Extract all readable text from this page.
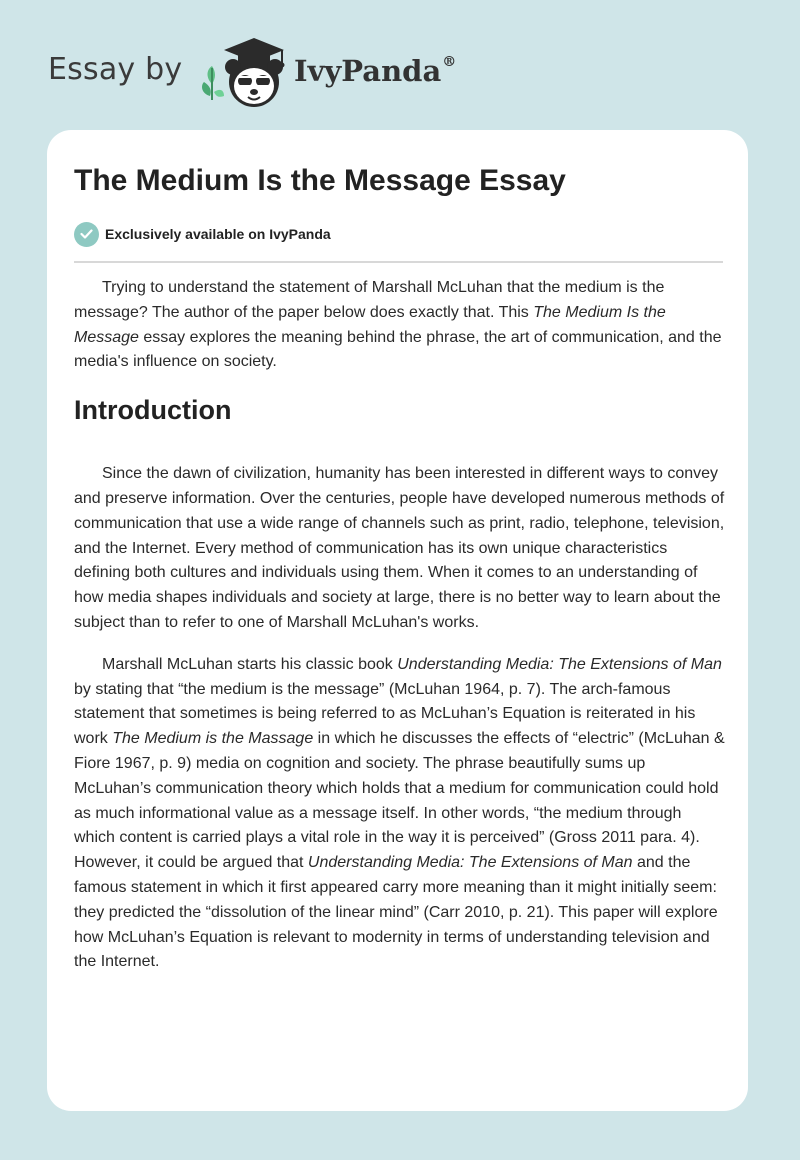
Essay by	IvyPanda®
The Medium Is the Message Essay
Exclusively available on IvyPanda

Trying to understand the statement of Marshall McLuhan that the medium is the message? The author of the paper below does exactly that. This The Medium Is the Message essay explores the meaning behind the phrase, the art of communication, and the media's influence on society.

Introduction

Since the dawn of civilization, humanity has been interested in different ways to convey and preserve information. Over the centuries, people have developed numerous methods of communication that use a wide range of channels such as print, radio, telephone, television, and the Internet. Every method of communication has its own unique characteristics defining both cultures and individuals using them. When it comes to an understanding of how media shapes individuals and society at large, there is no better way to learn about the subject than to refer to one of Marshall McLuhan's works.

Marshall McLuhan starts his classic book Understanding Media: The Extensions of Man by stating that “the medium is the message” (McLuhan 1964, p. 7). The arch-famous statement that sometimes is being referred to as McLuhan’s Equation is reiterated in his work The Medium is the Massage in which he discusses the effects of “electric” (McLuhan & Fiore 1967, p. 9) media on cognition and society. The phrase beautifully sums up McLuhan’s communication theory which holds that a medium for communication could hold as much informational value as a message itself. In other words, “the medium through which content is carried plays a vital role in the way it is perceived” (Gross 2011 para. 4). However, it could be argued that Understanding Media: The Extensions of Man and the famous statement in which it first appeared carry more meaning than it might initially seem: they predicted the “dissolution of the linear mind” (Carr 2010, p. 21). This paper will explore how McLuhan’s Equation is relevant to modernity in terms of understanding television and the Internet.
